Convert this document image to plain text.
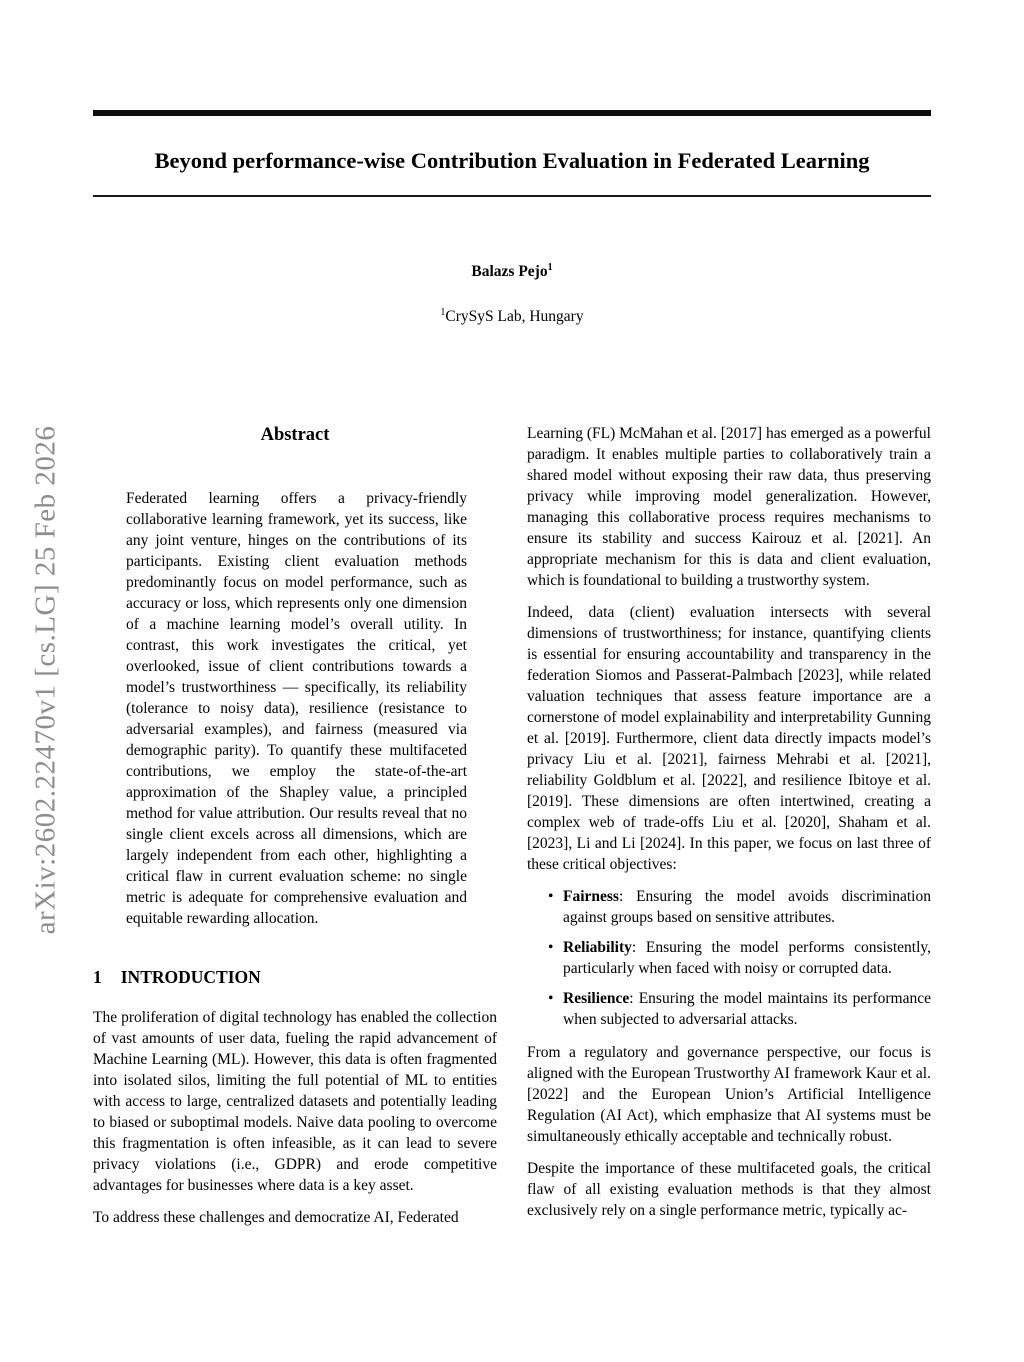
arXiv:2602.22470v1 [cs.LG] 25 Feb 2026
Beyond performance-wise Contribution Evaluation in Federated Learning
Balazs Pejo$^1$
$^1$CrySyS Lab, Hungary
Abstract
Federated learning offers a privacy-friendly collaborative learning framework, yet its success, like any joint venture, hinges on the contributions of its participants. Existing client evaluation methods predominantly focus on model performance, such as accuracy or loss, which represents only one dimension of a machine learning model’s overall utility. In contrast, this work investigates the critical, yet overlooked, issue of client contributions towards a model’s trustworthiness — specifically, its reliability (tolerance to noisy data), resilience (resistance to adversarial examples), and fairness (measured via demographic parity). To quantify these multifaceted contributions, we employ the state-of-the-art approximation of the Shapley value, a principled method for value attribution. Our results reveal that no single client excels across all dimensions, which are largely independent from each other, highlighting a critical flaw in current evaluation scheme: no single metric is adequate for comprehensive evaluation and equitable rewarding allocation.
1 INTRODUCTION

The proliferation of digital technology has enabled the collection of vast amounts of user data, fueling the rapid advancement of Machine Learning (ML). However, this data is often fragmented into isolated silos, limiting the full potential of ML to entities with access to large, centralized datasets and potentially leading to biased or suboptimal models. Naive data pooling to overcome this fragmentation is often infeasible, as it can lead to severe privacy violations (i.e., GDPR) and erode competitive advantages for businesses where data is a key asset.

To address these challenges and democratize AI, Federated

Learning (FL) McMahan et al. [2017] has emerged as a powerful paradigm. It enables multiple parties to collaboratively train a shared model without exposing their raw data, thus preserving privacy while improving model generalization. However, managing this collaborative process requires mechanisms to ensure its stability and success Kairouz et al. [2021]. An appropriate mechanism for this is data and client evaluation, which is foundational to building a trustworthy system.

Indeed, data (client) evaluation intersects with several dimensions of trustworthiness; for instance, quantifying clients is essential for ensuring accountability and transparency in the federation Siomos and Passerat-Palmbach [2023], while related valuation techniques that assess feature importance are a cornerstone of model explainability and interpretability Gunning et al. [2019]. Furthermore, client data directly impacts model’s privacy Liu et al. [2021], fairness Mehrabi et al. [2021], reliability Goldblum et al. [2022], and resilience Ibitoye et al. [2019]. These dimensions are often intertwined, creating a complex web of trade-offs Liu et al. [2020], Shaham et al. [2023], Li and Li [2024]. In this paper, we focus on last three of these critical objectives:

• Fairness: Ensuring the model avoids discrimination against groups based on sensitive attributes.
• Reliability: Ensuring the model performs consistently, particularly when faced with noisy or corrupted data.
• Resilience: Ensuring the model maintains its performance when subjected to adversarial attacks.

From a regulatory and governance perspective, our focus is aligned with the European Trustworthy AI framework Kaur et al. [2022] and the European Union’s Artificial Intelligence Regulation (AI Act), which emphasize that AI systems must be simultaneously ethically acceptable and technically robust.

Despite the importance of these multifaceted goals, the critical flaw of all existing evaluation methods is that they almost exclusively rely on a single performance metric, typically ac-
